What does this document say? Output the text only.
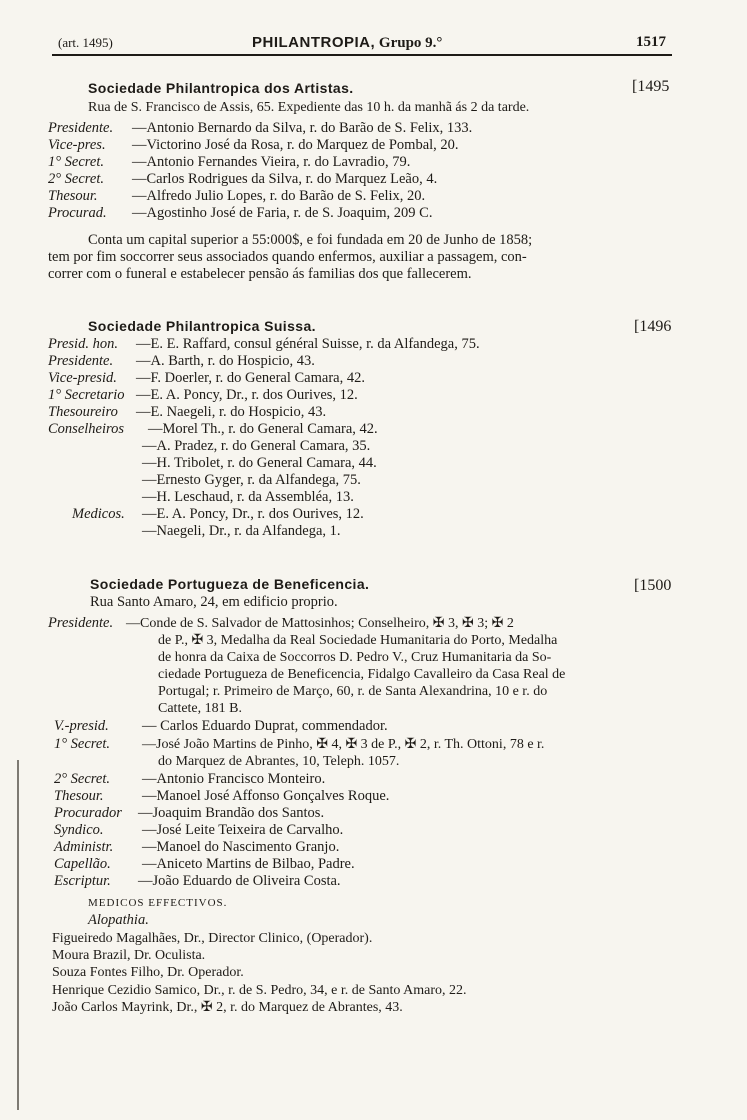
(art. 1495)	PHILANTROPIA, Grupo 9.°	1517
Sociedade Philantropica dos Artistas.	[1495
Rua de S. Francisco de Assis, 65. Expediente das 10 h. da manhã ás 2 da tarde.
Presidente. —Antonio Bernardo da Silva, r. do Barão de S. Felix, 133.
Vice-pres. —Victorino José da Rosa, r. do Marquez de Pombal, 20.
1° Secret. —Antonio Fernandes Vieira, r. do Lavradio, 79.
2° Secret. —Carlos Rodrigues da Silva, r. do Marquez Leão, 4.
Thesour. —Alfredo Julio Lopes, r. do Barão de S. Felix, 20.
Procurad. —Agostinho José de Faria, r. de S. Joaquim, 209 C.
Conta um capital superior a 55:000$, e foi fundada em 20 de Junho de 1858;
tem por fim soccorrer seus associados quando enfermos, auxiliar a passagem, con-
correr com o funeral e estabelecer pensão ás familias dos que fallecerem.
Sociedade Philantropica Suissa.	[1496
Presid. hon. —E. E. Raffard, consul général Suisse, r. da Alfandega, 75.
Presidente. —A. Barth, r. do Hospicio, 43.
Vice-presid. —F. Doerler, r. do General Camara, 42.
1° Secretario —E. A. Poncy, Dr., r. dos Ourives, 12.
Thesoureiro —E. Naegeli, r. do Hospicio, 43.
Conselheiros —Morel Th., r. do General Camara, 42.
—A. Pradez, r. do General Camara, 35.
—H. Tribolet, r. do General Camara, 44.
—Ernesto Gyger, r. da Alfandega, 75.
—H. Leschaud, r. da Assembléa, 13.
Medicos. —E. A. Poncy, Dr., r. dos Ourives, 12.
—Naegeli, Dr., r. da Alfandega, 1.
Sociedade Portugueza de Beneficencia.	[1500
Rua Santo Amaro, 24, em edificio proprio.
Presidente. —Conde de S. Salvador de Mattosinhos; Conselheiro, ✠ 3, ✠ 3; ✠ 2
de P., ✠ 3, Medalha da Real Sociedade Humanitaria do Porto, Medalha
de honra da Caixa de Soccorros D. Pedro V., Cruz Humanitaria da So-
ciedade Portugueza de Beneficencia, Fidalgo Cavalleiro da Casa Real de
Portugal; r. Primeiro de Março, 60, r. de Santa Alexandrina, 10 e r. do
Cattete, 181 B.
V.-presid. — Carlos Eduardo Duprat, commendador.
1° Secret. —José João Martins de Pinho, ✠ 4, ✠ 3 de P., ✠ 2, r. Th. Ottoni, 78 e r.
do Marquez de Abrantes, 10, Teleph. 1057.
2° Secret. —Antonio Francisco Monteiro.
Thesour.	—Manoel José Affonso Gonçalves Roque.
Procurador —Joaquim Brandão dos Santos.
Syndico.	—José Leite Teixeira de Carvalho.
Administr. —Manoel do Nascimento Granjo.
Capellão. —Aniceto Martins de Bilbao, Padre.
Escriptur. —João Eduardo de Oliveira Costa.
MEDICOS EFFECTIVOS.
Alopathia.
Figueiredo Magalhães, Dr., Director Clinico, (Operador).
Moura Brazil, Dr. Oculista.
Souza Fontes Filho, Dr. Operador.
Henrique Cezidio Samico, Dr., r. de S. Pedro, 34, e r. de Santo Amaro, 22.
João Carlos Mayrink, Dr., ✠ 2, r. do Marquez de Abrantes, 43.
